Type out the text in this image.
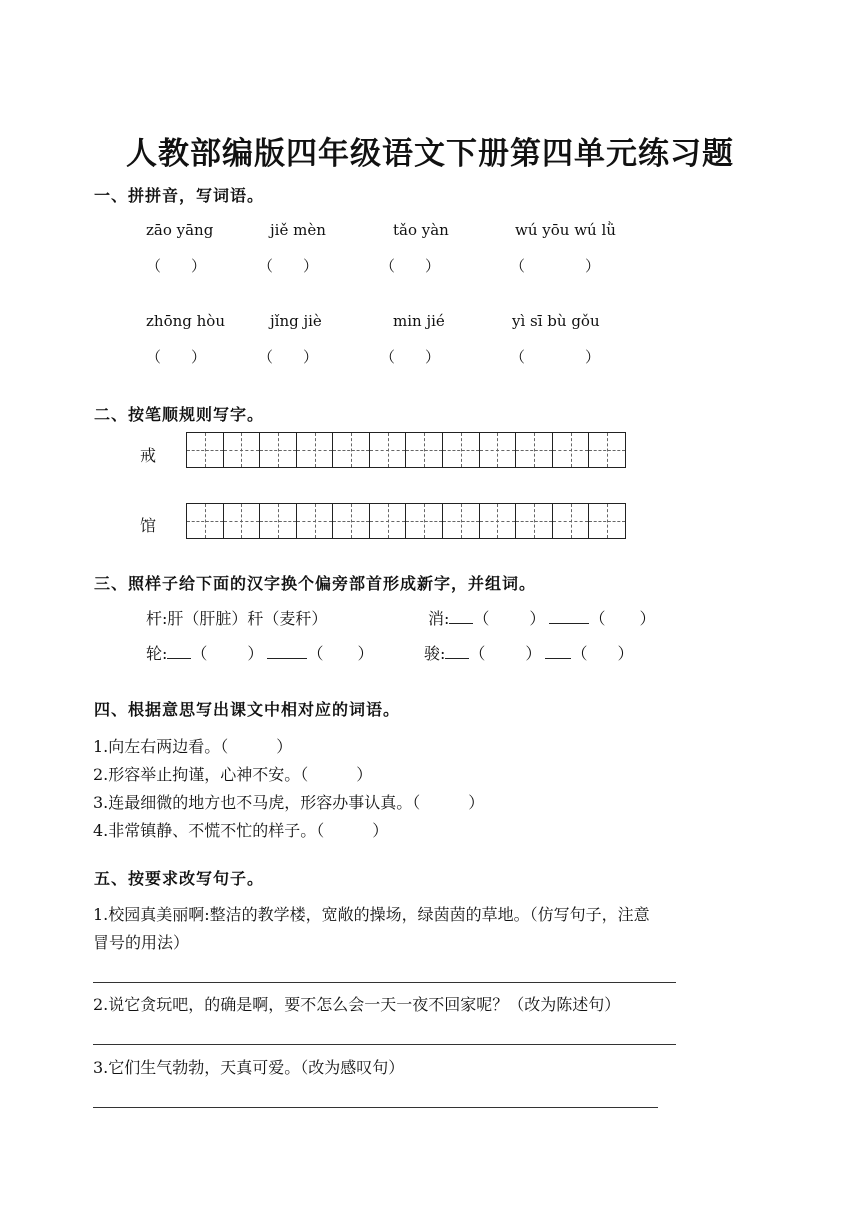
人教部编版四年级语文下册第四单元练习题
一、拼拼音，写词语。
zāo yāng	jiě mèn	tǎo yàn	wú yōu wú lǜ
（　　）	（　　）	（　　）	（　　　　）
zhōng hòu	jǐng jiè	min jié	yì sī bù gǒu
（　　）	（　　）	（　　）	（　　　　）
二、按笔顺规则写字。
戒
馆
三、照样子给下面的汉字换个偏旁部首形成新字，并组词。
杆:肝（肝脏）秆（麦秆）	消: （	）	（ ）
轮: （	）	（ ）	骏: （	） （ ）
四、根据意思写出课文中相对应的词语。
1.向左右两边看。（　　　）
2.形容举止拘谨，心神不安。（　　　）
3.连最细微的地方也不马虎，形容办事认真。（　　　）
4.非常镇静、不慌不忙的样子。（　　　）
五、按要求改写句子。
1.校园真美丽啊:整洁的教学楼，宽敞的操场，绿茵茵的草地。（仿写句子，注意
冒号的用法）
2.说它贪玩吧，的确是啊，要不怎么会一天一夜不回家呢？（改为陈述句）
3.它们生气勃勃，天真可爱。（改为感叹句）
